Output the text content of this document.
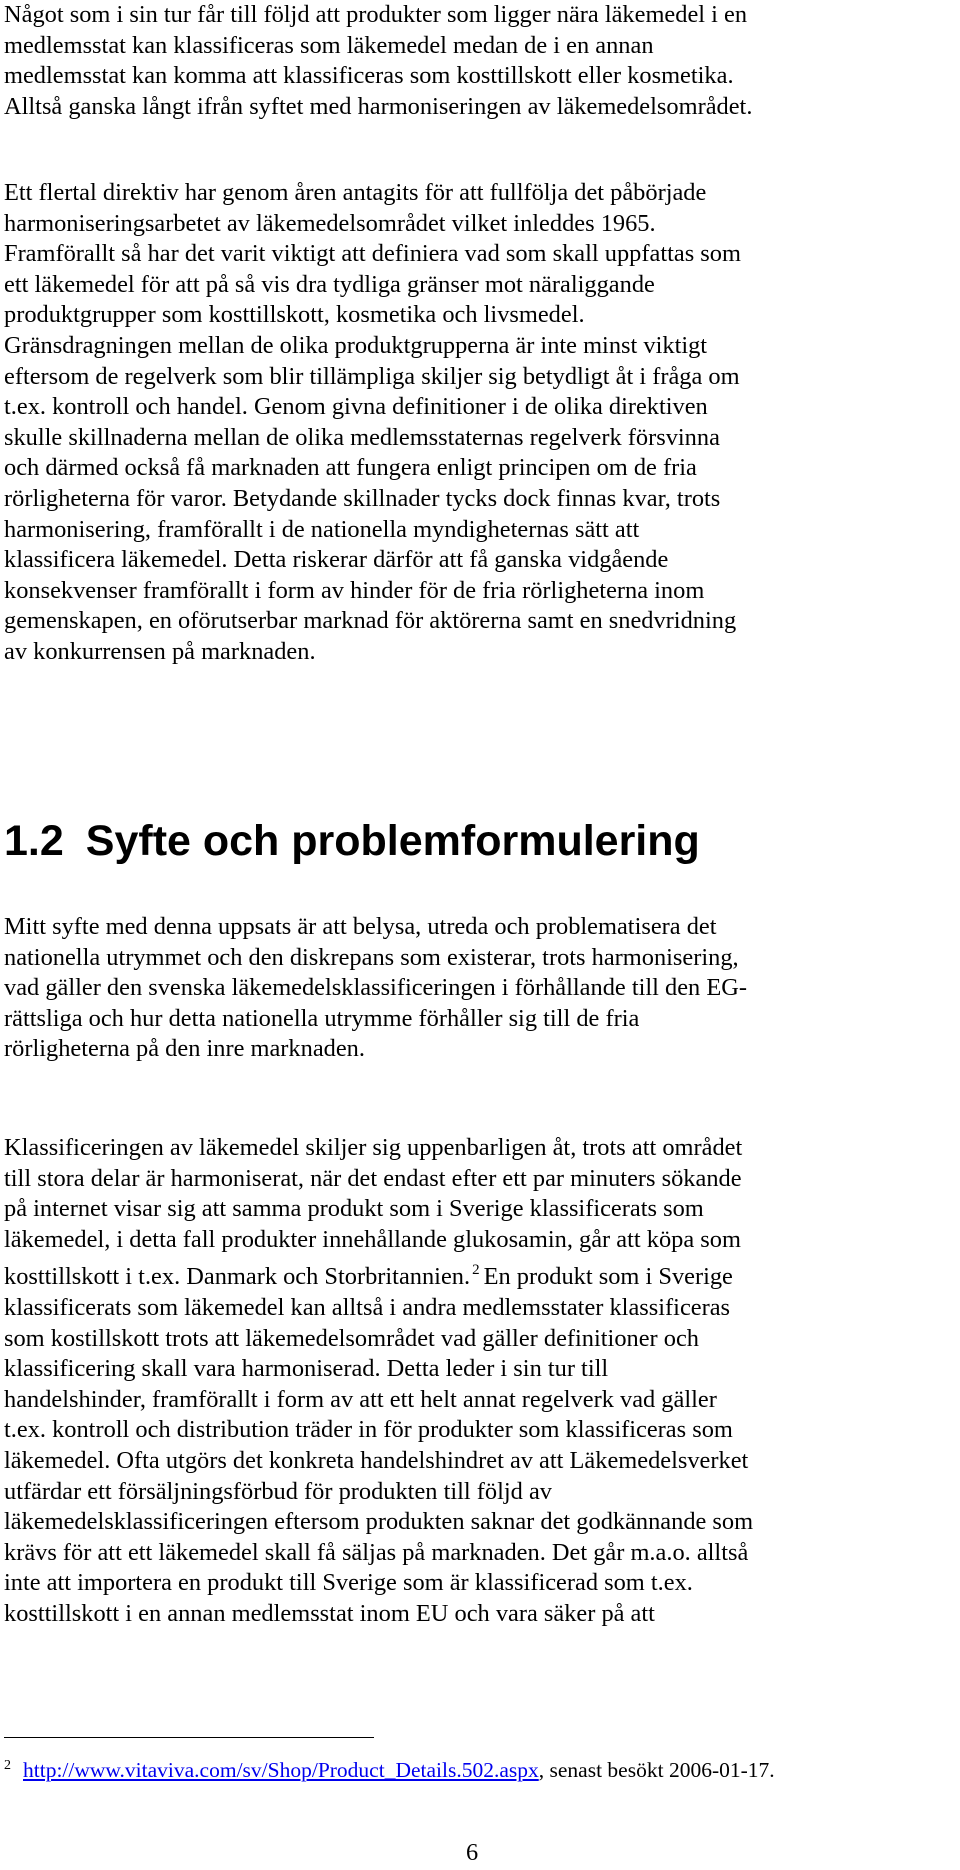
Något som i sin tur får till följd att produkter som ligger nära läkemedel i en
medlemsstat kan klassificeras som läkemedel medan de i en annan
medlemsstat kan komma att klassificeras som kosttillskott eller kosmetika.
Alltså ganska långt ifrån syftet med harmoniseringen av läkemedelsområdet.

Ett flertal direktiv har genom åren antagits för att fullfölja det påbörjade
harmoniseringsarbetet av läkemedelsområdet vilket inleddes 1965.
Framförallt så har det varit viktigt att definiera vad som skall uppfattas som
ett läkemedel för att på så vis dra tydliga gränser mot näraliggande
produktgrupper som kosttillskott, kosmetika och livsmedel.
Gränsdragningen mellan de olika produktgrupperna är inte minst viktigt
eftersom de regelverk som blir tillämpliga skiljer sig betydligt åt i fråga om
t.ex. kontroll och handel. Genom givna definitioner i de olika direktiven
skulle skillnaderna mellan de olika medlemsstaternas regelverk försvinna
och därmed också få marknaden att fungera enligt principen om de fria
rörligheterna för varor. Betydande skillnader tycks dock finnas kvar, trots
harmonisering, framförallt i de nationella myndigheternas sätt att
klassificera läkemedel. Detta riskerar därför att få ganska vidgående
konsekvenser framförallt i form av hinder för de fria rörligheterna inom
gemenskapen, en oförutserbar marknad för aktörerna samt en snedvridning
av konkurrensen på marknaden.

1.2 Syfte och problemformulering

Mitt syfte med denna uppsats är att belysa, utreda och problematisera det
nationella utrymmet och den diskrepans som existerar, trots harmonisering,
vad gäller den svenska läkemedelsklassificeringen i förhållande till den EG-
rättsliga och hur detta nationella utrymme förhåller sig till de fria
rörligheterna på den inre marknaden.

Klassificeringen av läkemedel skiljer sig uppenbarligen åt, trots att området
till stora delar är harmoniserat, när det endast efter ett par minuters sökande
på internet visar sig att samma produkt som i Sverige klassificerats som
läkemedel, i detta fall produkter innehållande glukosamin, går att köpa som
kosttillskott i t.ex. Danmark och Storbritannien. $^2$ En produkt som i Sverige
klassificerats som läkemedel kan alltså i andra medlemsstater klassificeras
som kostillskott trots att läkemedelsområdet vad gäller definitioner och
klassificering skall vara harmoniserad. Detta leder i sin tur till
handelshinder, framförallt i form av att ett helt annat regelverk vad gäller
t.ex. kontroll och distribution träder in för produkter som klassificeras som
läkemedel. Ofta utgörs det konkreta handelshindret av att Läkemedelsverket
utfärdar ett försäljningsförbud för produkten till följd av
läkemedelsklassificeringen eftersom produkten saknar det godkännande som
krävs för att ett läkemedel skall få säljas på marknaden. Det går m.a.o. alltså
inte att importera en produkt till Sverige som är klassificerad som t.ex.
kosttillskott i en annan medlemsstat inom EU och vara säker på att

$^2$ http://www.vitaviva.com/sv/Shop/Product_Details.502.aspx, senast besökt 2006-01-17.
6
